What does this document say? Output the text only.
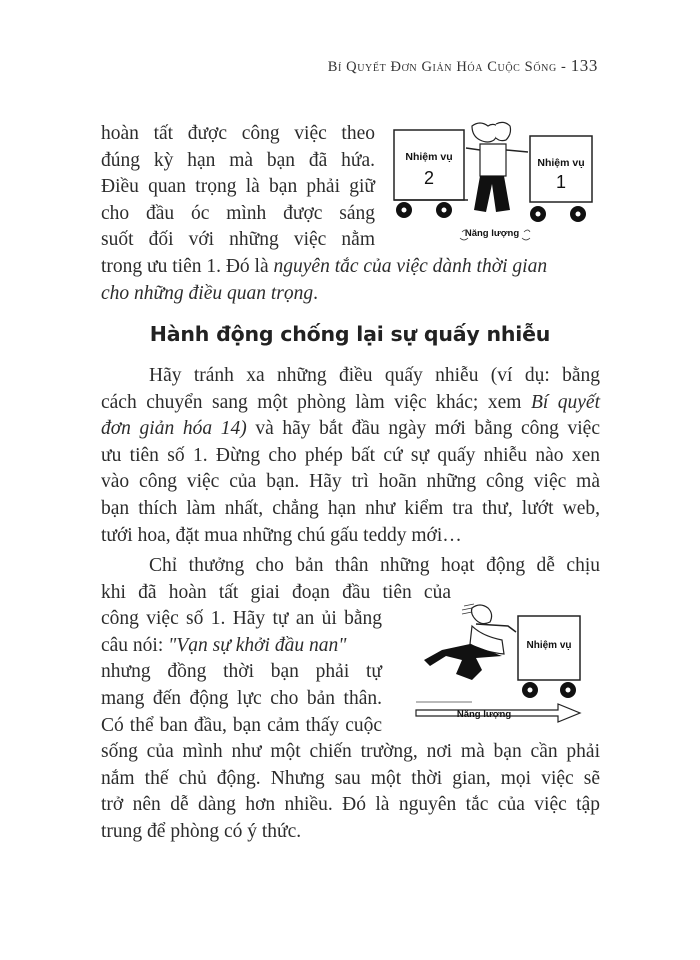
Bí Quyết Đơn Giản Hóa Cuộc Sống - 133
hoàn tất được công việc theo
đúng kỳ hạn mà bạn đã hứa.
Điều quan trọng là bạn phải giữ
cho đầu óc mình được sáng
suốt đối với những việc nằm
trong ưu tiên 1. Đó là nguyên tắc của việc dành thời gian
cho những điều quan trọng.
Nhiệm vụ
2
Nhiệm vụ
1
Năng lượng
Hành động chống lại sự quấy nhiễu
Hãy tránh xa những điều quấy nhiễu (ví dụ: bằng
cách chuyển sang một phòng làm việc khác; xem Bí quyết
đơn giản hóa 14) và hãy bắt đầu ngày mới bằng công việc
ưu tiên số 1. Đừng cho phép bất cứ sự quấy nhiễu nào xen
vào công việc của bạn. Hãy trì hoãn những công việc mà
bạn thích làm nhất, chẳng hạn như kiểm tra thư, lướt web,
tưới hoa, đặt mua những chú gấu teddy mới…
Chỉ thưởng cho bản thân những hoạt động dễ chịu
khi đã hoàn tất giai đoạn đầu tiên của
công việc số 1. Hãy tự an ủi bằng
câu nói: "Vạn sự khởi đầu nan"
nhưng đồng thời bạn phải tự
mang đến động lực cho bản thân.
Có thể ban đầu, bạn cảm thấy cuộc
sống của mình như một chiến trường, nơi mà bạn cần phải
nắm thế chủ động. Nhưng sau một thời gian, mọi việc sẽ
trở nên dễ dàng hơn nhiều. Đó là nguyên tắc của việc tập
trung để phòng có ý thức.
Nhiệm vụ
Năng lượng
